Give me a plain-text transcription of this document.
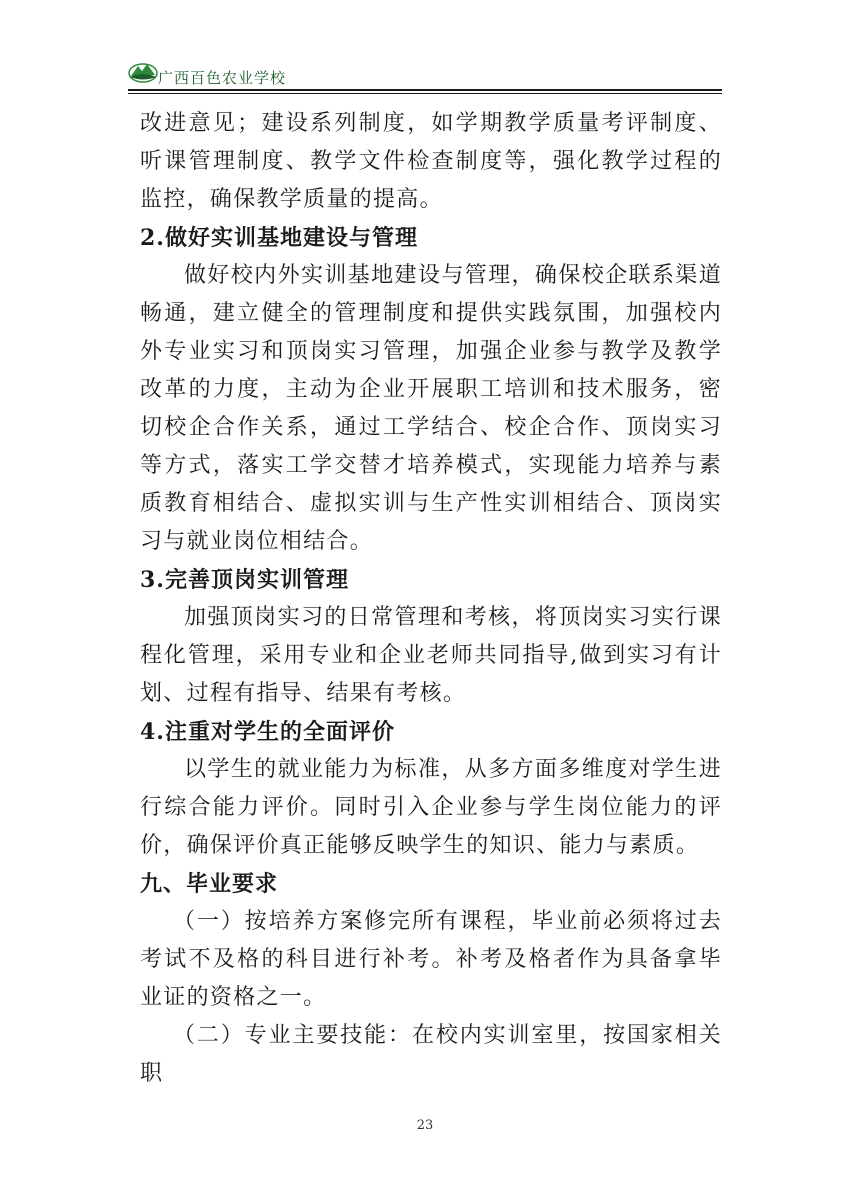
广西百色农业学校

改进意见；建设系列制度，如学期教学质量考评制度、听课管理制度、教学文件检查制度等，强化教学过程的监控，确保教学质量的提高。

2.做好实训基地建设与管理

做好校内外实训基地建设与管理，确保校企联系渠道畅通，建立健全的管理制度和提供实践氛围，加强校内外专业实习和顶岗实习管理，加强企业参与教学及教学改革的力度，主动为企业开展职工培训和技术服务，密切校企合作关系，通过工学结合、校企合作、顶岗实习等方式，落实工学交替才培养模式，实现能力培养与素质教育相结合、虚拟实训与生产性实训相结合、顶岗实习与就业岗位相结合。

3.完善顶岗实训管理

加强顶岗实习的日常管理和考核，将顶岗实习实行课程化管理，采用专业和企业老师共同指导,做到实习有计划、过程有指导、结果有考核。

4.注重对学生的全面评价

以学生的就业能力为标准，从多方面多维度对学生进行综合能力评价。同时引入企业参与学生岗位能力的评价，确保评价真正能够反映学生的知识、能力与素质。

九、毕业要求

（一）按培养方案修完所有课程，毕业前必须将过去考试不及格的科目进行补考。补考及格者作为具备拿毕业证的资格之一。

（二）专业主要技能：在校内实训室里，按国家相关职

23
